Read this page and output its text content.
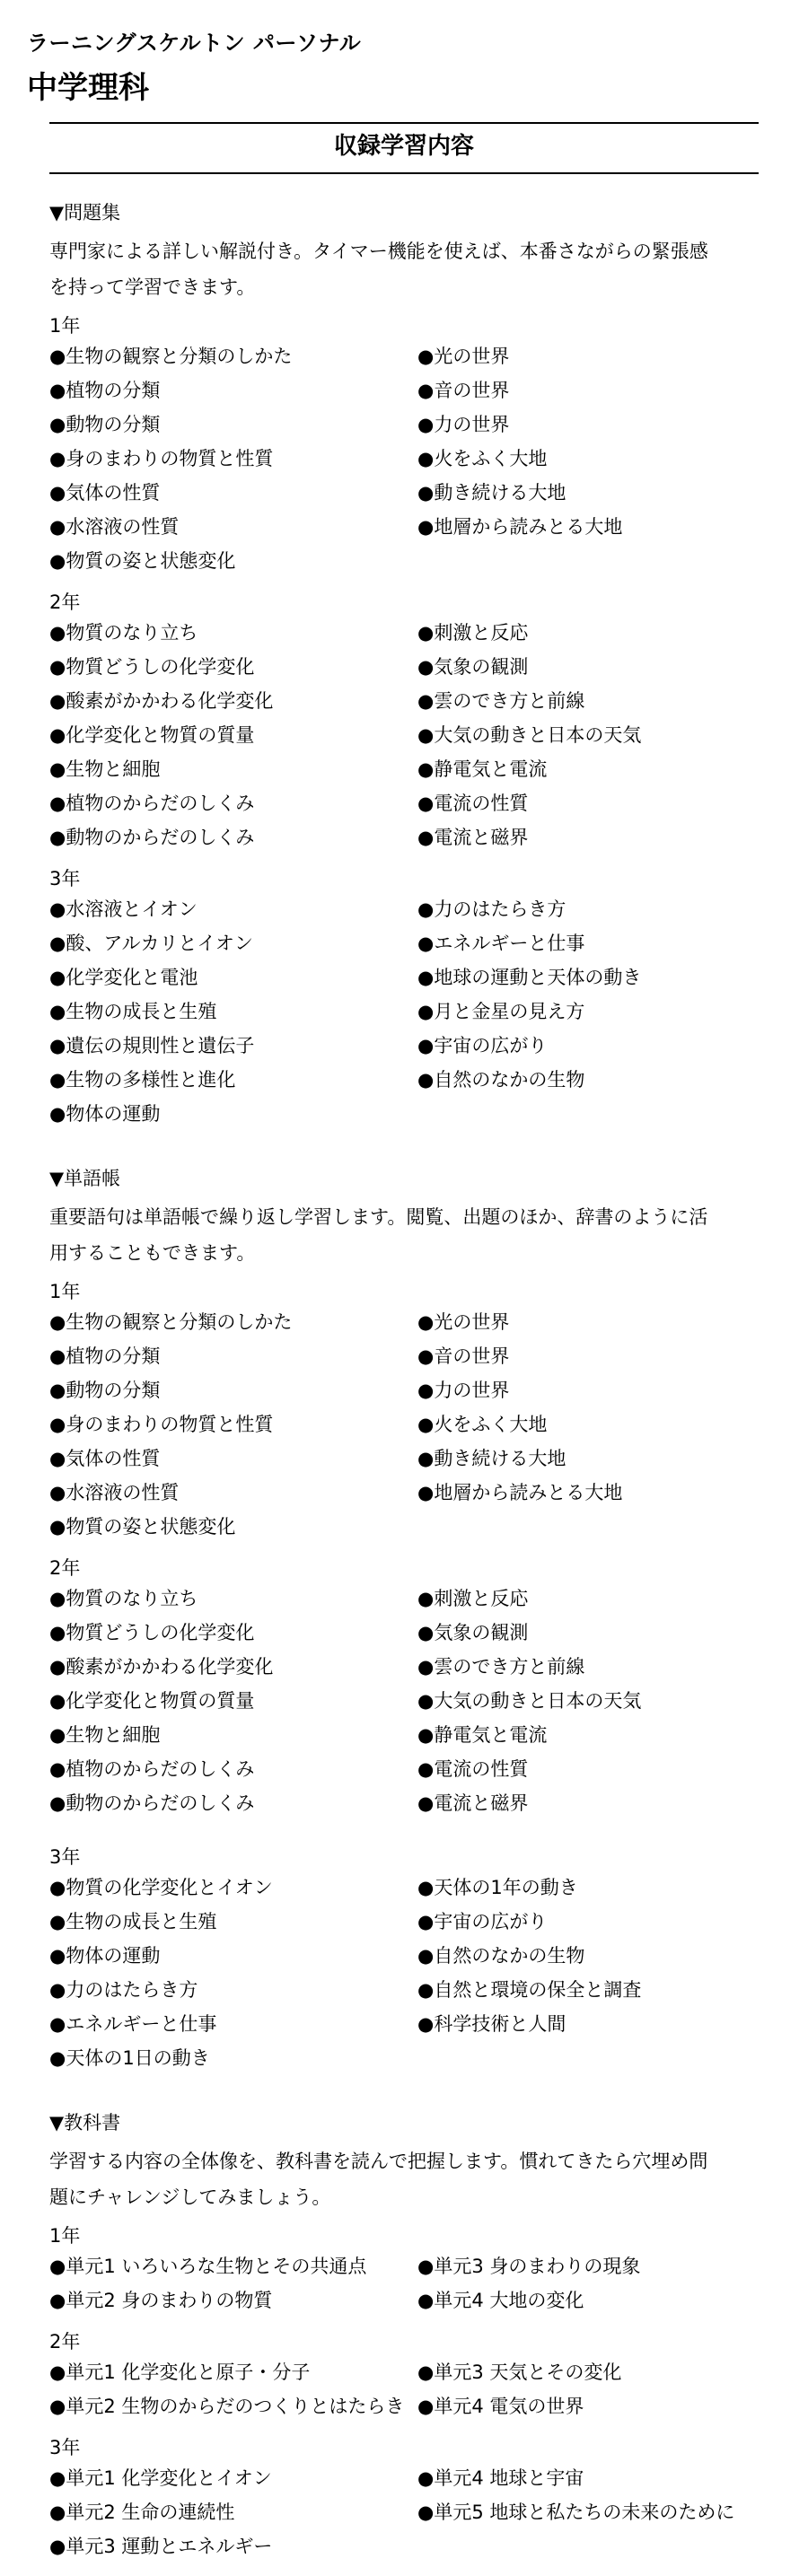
ラーニングスケルトン パーソナル
中学理科
収録学習内容
▼問題集
専門家による詳しい解説付き。タイマー機能を使えば、本番さながらの緊張感
を持って学習できます。
1年
● 生物の観察と分類のしかた	● 光の世界
● 植物の分類	● 音の世界
● 動物の分類	● 力の世界
● 身のまわりの物質と性質	● 火をふく大地
● 気体の性質	● 動き続ける大地
● 水溶液の性質	● 地層から読みとる大地
● 物質の姿と状態変化
2年
● 物質のなり立ち	● 刺激と反応
● 物質どうしの化学変化	● 気象の観測
● 酸素がかかわる化学変化	● 雲のでき方と前線
● 化学変化と物質の質量	● 大気の動きと日本の天気
● 生物と細胞	● 静電気と電流
● 植物のからだのしくみ	● 電流の性質
● 動物のからだのしくみ	● 電流と磁界
3年
● 水溶液とイオン	● 力のはたらき方
● 酸、アルカリとイオン	● エネルギーと仕事
● 化学変化と電池	● 地球の運動と天体の動き
● 生物の成長と生殖	● 月と金星の見え方
● 遺伝の規則性と遺伝子	● 宇宙の広がり
● 生物の多様性と進化	● 自然のなかの生物
● 物体の運動
▼単語帳
重要語句は単語帳で繰り返し学習します。閲覧、出題のほか、辞書のように活
用することもできます。
1年
● 生物の観察と分類のしかた	● 光の世界
● 植物の分類	● 音の世界
● 動物の分類	● 力の世界
● 身のまわりの物質と性質	● 火をふく大地
● 気体の性質	● 動き続ける大地
● 水溶液の性質	● 地層から読みとる大地
● 物質の姿と状態変化
2年
● 物質のなり立ち	● 刺激と反応
● 物質どうしの化学変化	● 気象の観測
● 酸素がかかわる化学変化	● 雲のでき方と前線
● 化学変化と物質の質量	● 大気の動きと日本の天気
● 生物と細胞	● 静電気と電流
● 植物のからだのしくみ	● 電流の性質
● 動物のからだのしくみ	● 電流と磁界
3年
● 物質の化学変化とイオン	● 天体の1年の動き
● 生物の成長と生殖	● 宇宙の広がり
● 物体の運動	● 自然のなかの生物
● 力のはたらき方	● 自然と環境の保全と調査
● エネルギーと仕事	● 科学技術と人間
● 天体の1日の動き
▼教科書
学習する内容の全体像を、教科書を読んで把握します。慣れてきたら穴埋め問
題にチャレンジしてみましょう。
1年
● 単元1 いろいろな生物とその共通点	● 単元3 身のまわりの現象
● 単元2 身のまわりの物質	● 単元4 大地の変化
2年
● 単元1 化学変化と原子・分子	● 単元3 天気とその変化
● 単元2 生物のからだのつくりとはたらき	● 単元4 電気の世界
3年
● 単元1 化学変化とイオン	● 単元4 地球と宇宙
● 単元2 生命の連続性	● 単元5 地球と私たちの未来のために
● 単元3 運動とエネルギー
